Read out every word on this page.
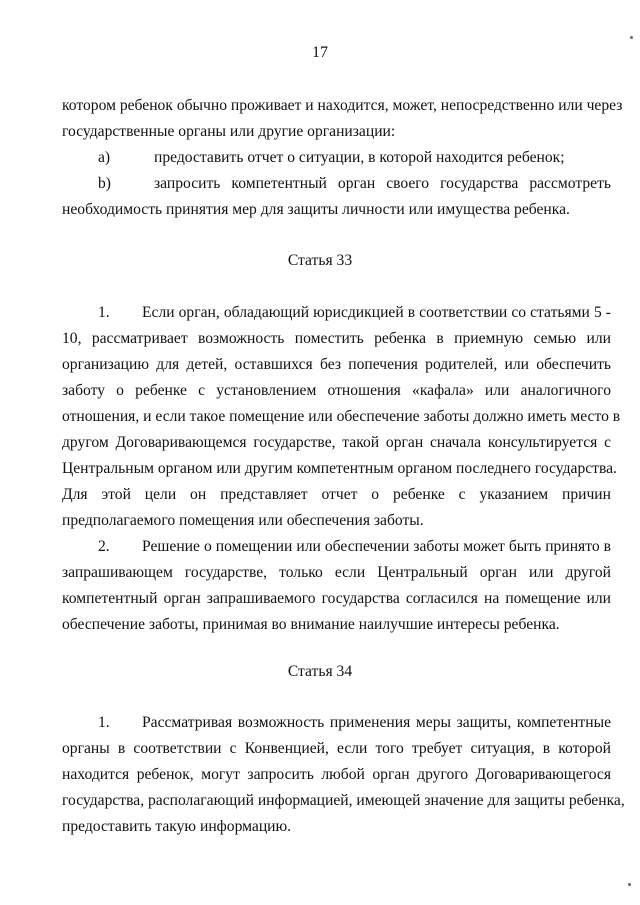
17
котором ребенок обычно проживает и находится, может, непосредственно или через
государственные органы или другие организации:
a)	предоставить отчет о ситуации, в которой находится ребенок;
b)	запросить компетентный орган своего государства рассмотреть
необходимость принятия мер для защиты личности или имущества ребенка.
Статья 33
1.	Если орган, обладающий юрисдикцией в соответствии со статьями 5 -
10, рассматривает возможность поместить ребенка в приемную семью или
организацию для детей, оставшихся без попечения родителей, или обеспечить
заботу о ребенке с установлением отношения «кафала» или аналогичного
отношения, и если такое помещение или обеспечение заботы должно иметь место в
другом Договаривающемся государстве, такой орган сначала консультируется с
Центральным органом или другим компетентным органом последнего государства.
Для этой цели он представляет отчет о ребенке с указанием причин
предполагаемого помещения или обеспечения заботы.
2.	Решение о помещении или обеспечении заботы может быть принято в
запрашивающем государстве, только если Центральный орган или другой
компетентный орган запрашиваемого государства согласился на помещение или
обеспечение заботы, принимая во внимание наилучшие интересы ребенка.
Статья 34
1.	Рассматривая возможность применения меры защиты, компетентные
органы в соответствии с Конвенцией, если того требует ситуация, в которой
находится ребенок, могут запросить любой орган другого Договаривающегося
государства, располагающий информацией, имеющей значение для защиты ребенка,
предоставить такую информацию.
